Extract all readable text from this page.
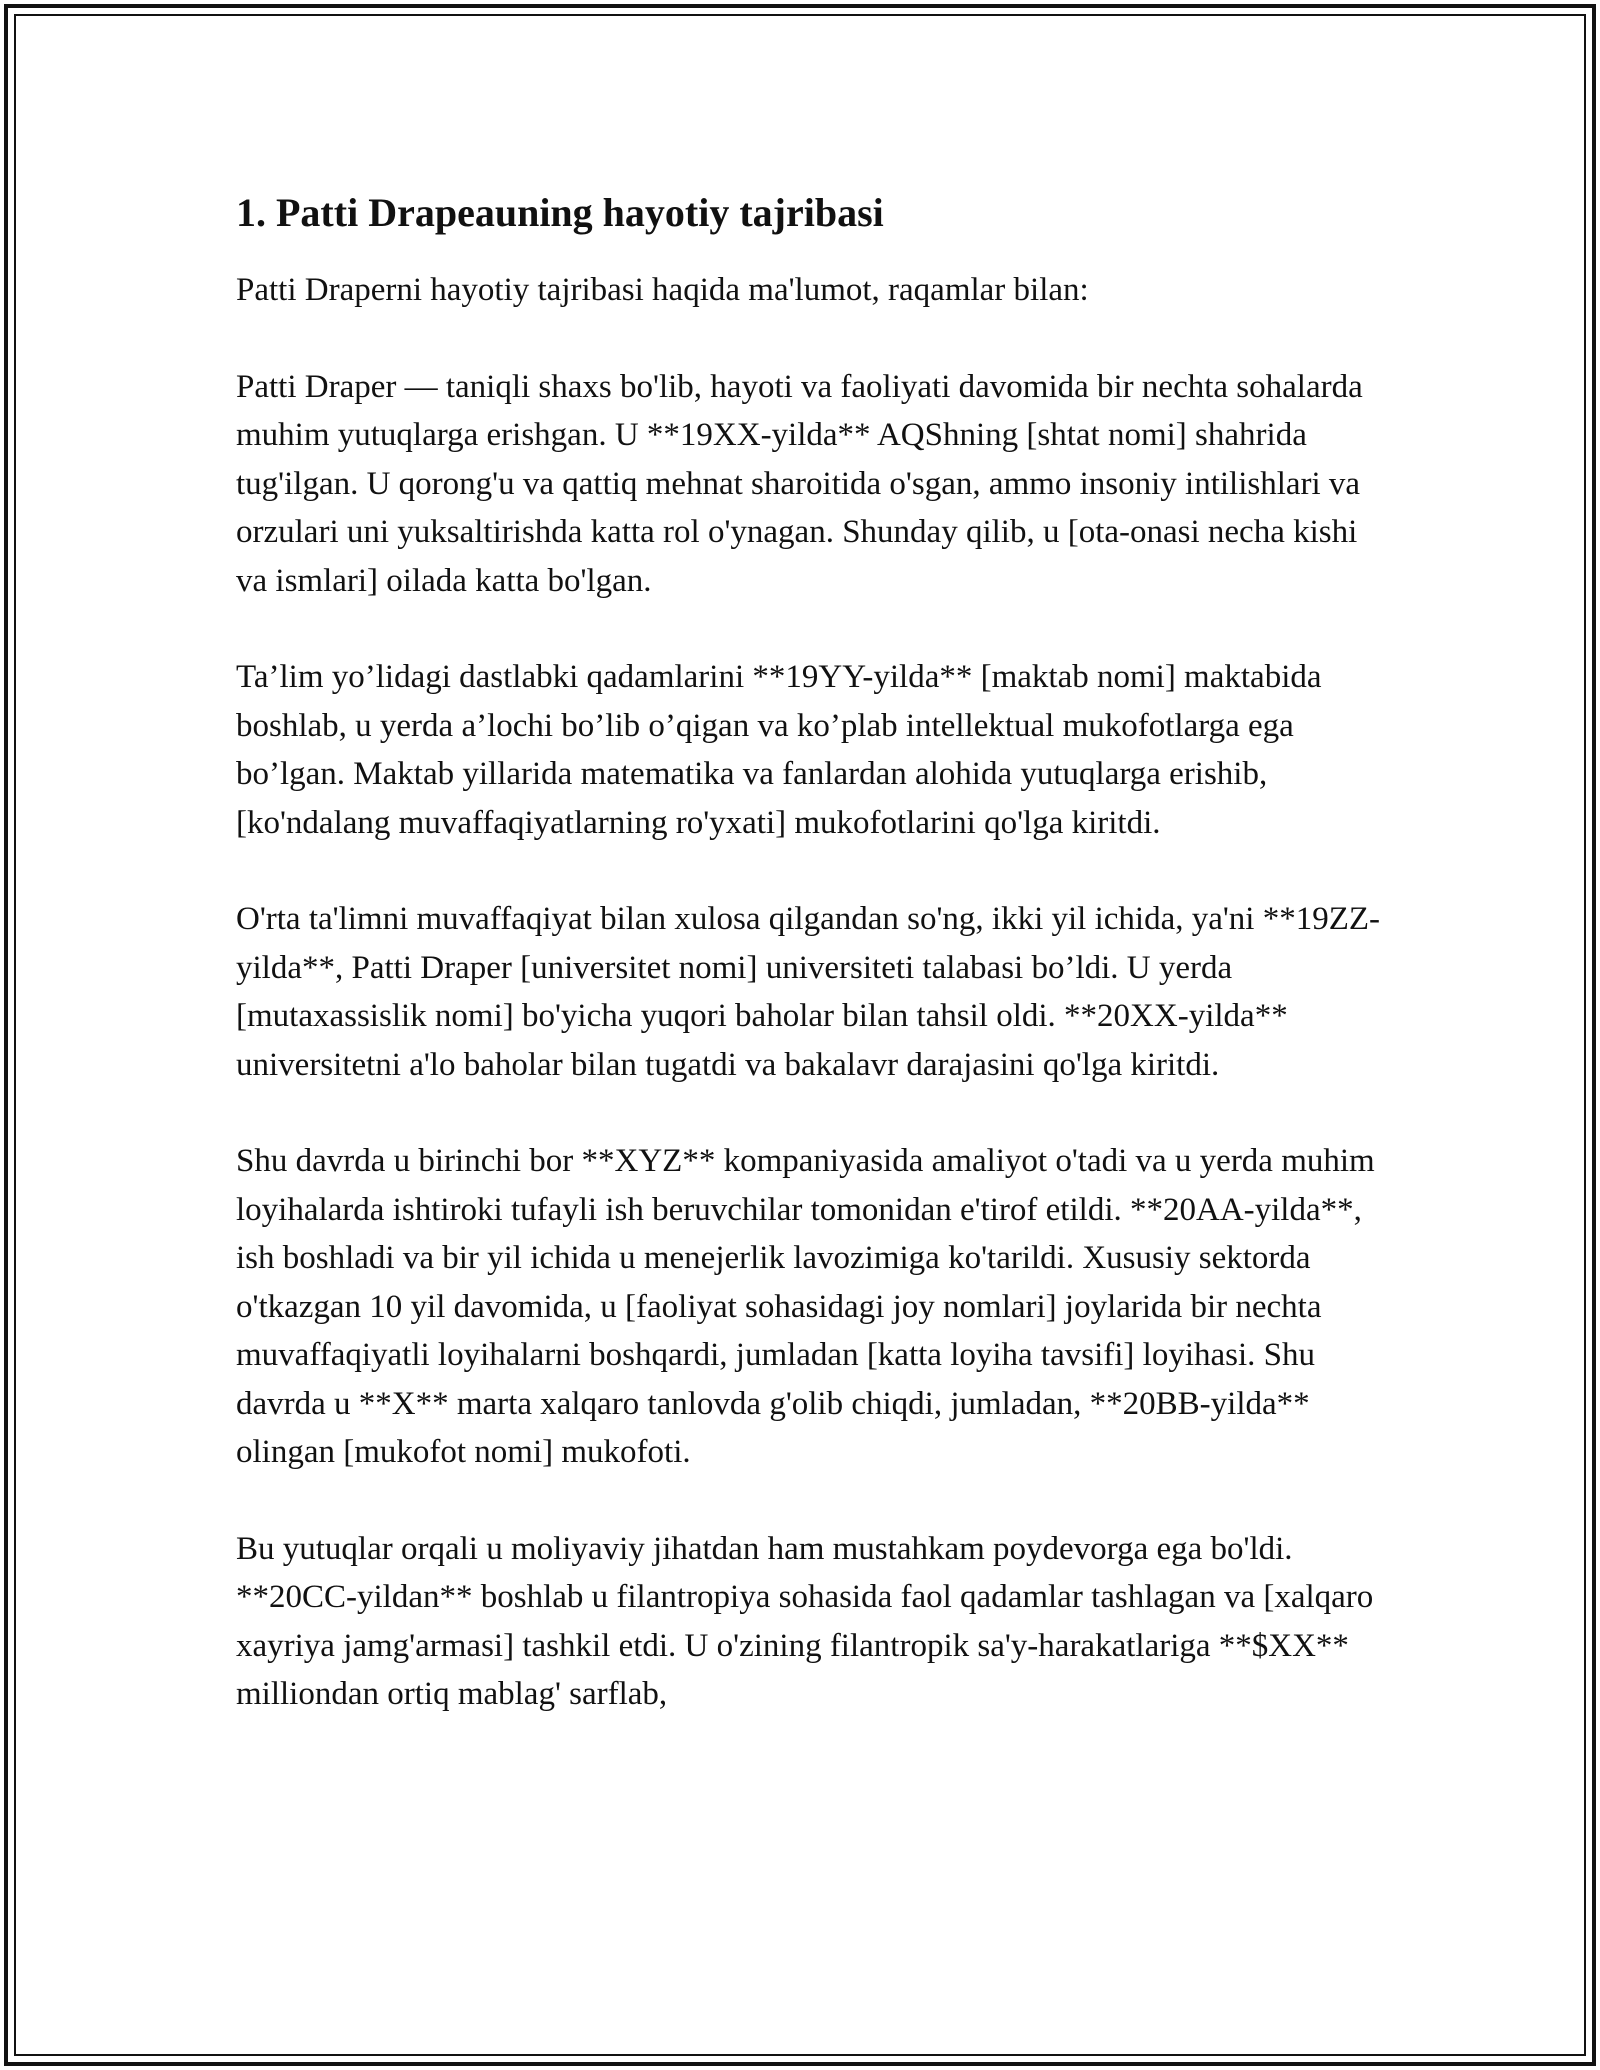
1. Patti Drapeauning hayotiy tajribasi

Patti Draperni hayotiy tajribasi haqida ma'lumot, raqamlar bilan:

Patti Draper — taniqli shaxs bo'lib, hayoti va faoliyati davomida bir nechta sohalarda muhim yutuqlarga erishgan. U **19XX-yilda** AQShning [shtat nomi] shahrida tug'ilgan. U qorong'u va qattiq mehnat sharoitida o'sgan, ammo insoniy intilishlari va orzulari uni yuksaltirishda katta rol o'ynagan. Shunday qilib, u [ota-onasi necha kishi va ismlari] oilada katta bo'lgan.

Ta’lim yo’lidagi dastlabki qadamlarini **19YY-yilda** [maktab nomi] maktabida boshlab, u yerda a’lochi bo’lib o’qigan va ko’plab intellektual mukofotlarga ega bo’lgan. Maktab yillarida matematika va fanlardan alohida yutuqlarga erishib, [ko'ndalang muvaffaqiyatlarning ro'yxati] mukofotlarini qo'lga kiritdi.

O'rta ta'limni muvaffaqiyat bilan xulosa qilgandan so'ng, ikki yil ichida, ya'ni **19ZZ-yilda**, Patti Draper [universitet nomi] universiteti talabasi bo’ldi. U yerda [mutaxassislik nomi] bo'yicha yuqori baholar bilan tahsil oldi. **20XX-yilda** universitetni a'lo baholar bilan tugatdi va bakalavr darajasini qo'lga kiritdi.

Shu davrda u birinchi bor **XYZ** kompaniyasida amaliyot o'tadi va u yerda muhim loyihalarda ishtiroki tufayli ish beruvchilar tomonidan e'tirof etildi. **20AA-yilda**, ish boshladi va bir yil ichida u menejerlik lavozimiga ko'tarildi. Xususiy sektorda o'tkazgan 10 yil davomida, u [faoliyat sohasidagi joy nomlari] joylarida bir nechta muvaffaqiyatli loyihalarni boshqardi, jumladan [katta loyiha tavsifi] loyihasi. Shu davrda u **X** marta xalqaro tanlovda g'olib chiqdi, jumladan, **20BB-yilda** olingan [mukofot nomi] mukofoti.

Bu yutuqlar orqali u moliyaviy jihatdan ham mustahkam poydevorga ega bo'ldi. **20CC-yildan** boshlab u filantropiya sohasida faol qadamlar tashlagan va [xalqaro xayriya jamg'armasi] tashkil etdi. U o'zining filantropik sa'y-harakatlariga **$XX** milliondan ortiq mablag' sarflab,
